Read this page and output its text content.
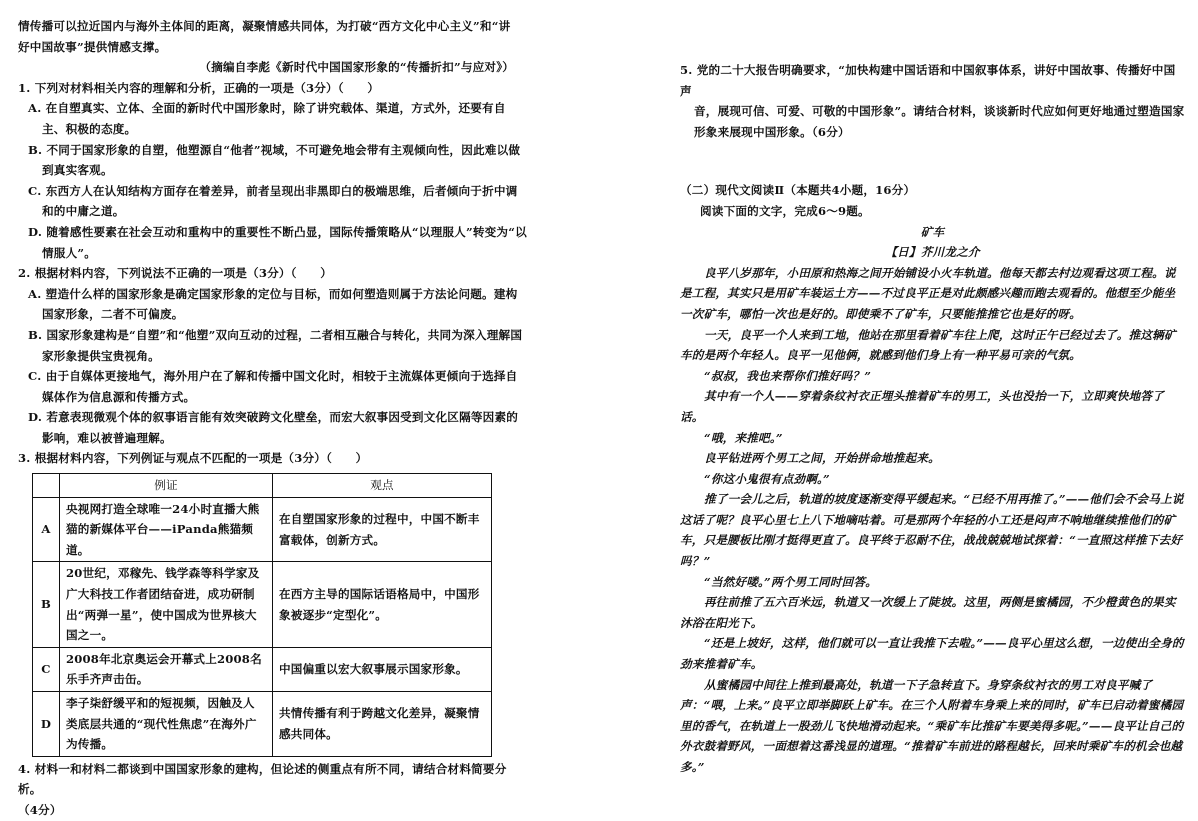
情传播可以拉近国内与海外主体间的距离，凝聚情感共同体，为打破“西方文化中心主义”和“讲

好中国故事”提供情感支撑。

（摘编自李彪《新时代中国国家形象的“传播折扣”与应对》）

1. 下列对材料相关内容的理解和分析，正确的一项是（3分）（　　）

A. 在自塑真实、立体、全面的新时代中国形象时，除了讲究载体、渠道，方式外，还要有自主、积极的态度。

B. 不同于国家形象的自塑，他塑源自“他者”视域，不可避免地会带有主观倾向性，因此难以做到真实客观。

C. 东西方人在认知结构方面存在着差异，前者呈现出非黑即白的极端思维，后者倾向于折中调和的中庸之道。

D. 随着感性要素在社会互动和重构中的重要性不断凸显，国际传播策略从“以理服人”转变为“以情服人”。

2. 根据材料内容，下列说法不正确的一项是（3分）（　　）

A. 塑造什么样的国家形象是确定国家形象的定位与目标，而如何塑造则属于方法论问题。建构国家形象，二者不可偏废。

B. 国家形象建构是“自塑”和“他塑”双向互动的过程，二者相互融合与转化，共同为深入理解国家形象提供宝贵视角。

C. 由于自媒体更接地气，海外用户在了解和传播中国文化时，相较于主流媒体更倾向于选择自媒体作为信息源和传播方式。

D. 若意表现微观个体的叙事语言能有效突破跨文化壁垒，而宏大叙事因受到文化区隔等因素的影响，难以被普遍理解。

3. 根据材料内容，下列例证与观点不匹配的一项是（3分）（　　）

	例证	观点
A	央视网打造全球唯一24小时直播大熊猫的新媒体平台——iPanda熊猫频道。	在自塑国家形象的过程中，中国不断丰富载体，创新方式。
B	20世纪，邓稼先、钱学森等科学家及广大科技工作者团结奋进，成功研制出“两弹一星”，使中国成为世界核大国之一。	在西方主导的国际话语格局中，中国形象被逐步“定型化”。
C	2008年北京奥运会开幕式上2008名乐手齐声击缶。	中国偏重以宏大叙事展示国家形象。
D	李子柒舒缓平和的短视频，因触及人类底层共通的“现代性焦虑”在海外广为传播。	共情传播有利于跨越文化差异，凝聚情感共同体。

4. 材料一和材料二都谈到中国国家形象的建构，但论述的侧重点有所不同，请结合材料简要分析。

（4分）

5. 党的二十大报告明确要求，“加快构建中国话语和中国叙事体系，讲好中国故事、传播好中国声

音，展现可信、可爱、可敬的中国形象”。请结合材料，谈谈新时代应如何更好地通过塑造国家

形象来展现中国形象。（6分）

（二）现代文阅读Ⅱ（本题共4小题，16分）

阅读下面的文字，完成6～9题。

矿车

【日】芥川龙之介

良平八岁那年，小田原和热海之间开始铺设小火车轨道。他每天都去村边观看这项工程。说是工程，其实只是用矿车装运土方——不过良平正是对此颇感兴趣而跑去观看的。他想至少能坐一次矿车，哪怕一次也是好的。即使乘不了矿车，只要能推推它也是好的呀。

一天，良平一个人来到工地，他站在那里看着矿车往上爬，这时正午已经过去了。推这辆矿车的是两个年轻人。良平一见他俩，就感到他们身上有一种平易可亲的气氛。

“叔叔，我也来帮你们推好吗？”

其中有一个人——穿着条纹衬衣正埋头推着矿车的男工，头也没抬一下，立即爽快地答了话。

“哦，来推吧。”

良平钻进两个男工之间，开始拼命地推起来。

“你这小鬼很有点劲啊。”

推了一会儿之后，轨道的坡度逐渐变得平缓起来。“已经不用再推了。”——他们会不会马上说这话了呢？良平心里七上八下地嘀咕着。可是那两个年轻的小工还是闷声不响地继续推他们的矿车，只是腰板比刚才挺得更直了。良平终于忍耐不住，战战兢兢地试探着：“一直照这样推下去好吗？”

“当然好喽。”两个男工同时回答。

再往前推了五六百米远，轨道又一次缓上了陡坡。这里，两侧是蜜橘园，不少橙黄色的果实沐浴在阳光下。

“还是上坡好，这样，他们就可以一直让我推下去啦。”——良平心里这么想，一边使出全身的劲来推着矿车。

从蜜橘园中间往上推到最高处，轨道一下子急转直下。身穿条纹衬衣的男工对良平喊了声：“喂，上来。”良平立即举脚跃上矿车。在三个人附着车身乘上来的同时，矿车已启动着蜜橘园里的香气，在轨道上一股劲儿飞快地滑动起来。“乘矿车比推矿车要美得多呢。”——良平让自己的外衣鼓着野风，一面想着这番浅显的道理。“推着矿车前进的路程越长，回来时乘矿车的机会也越多。”
